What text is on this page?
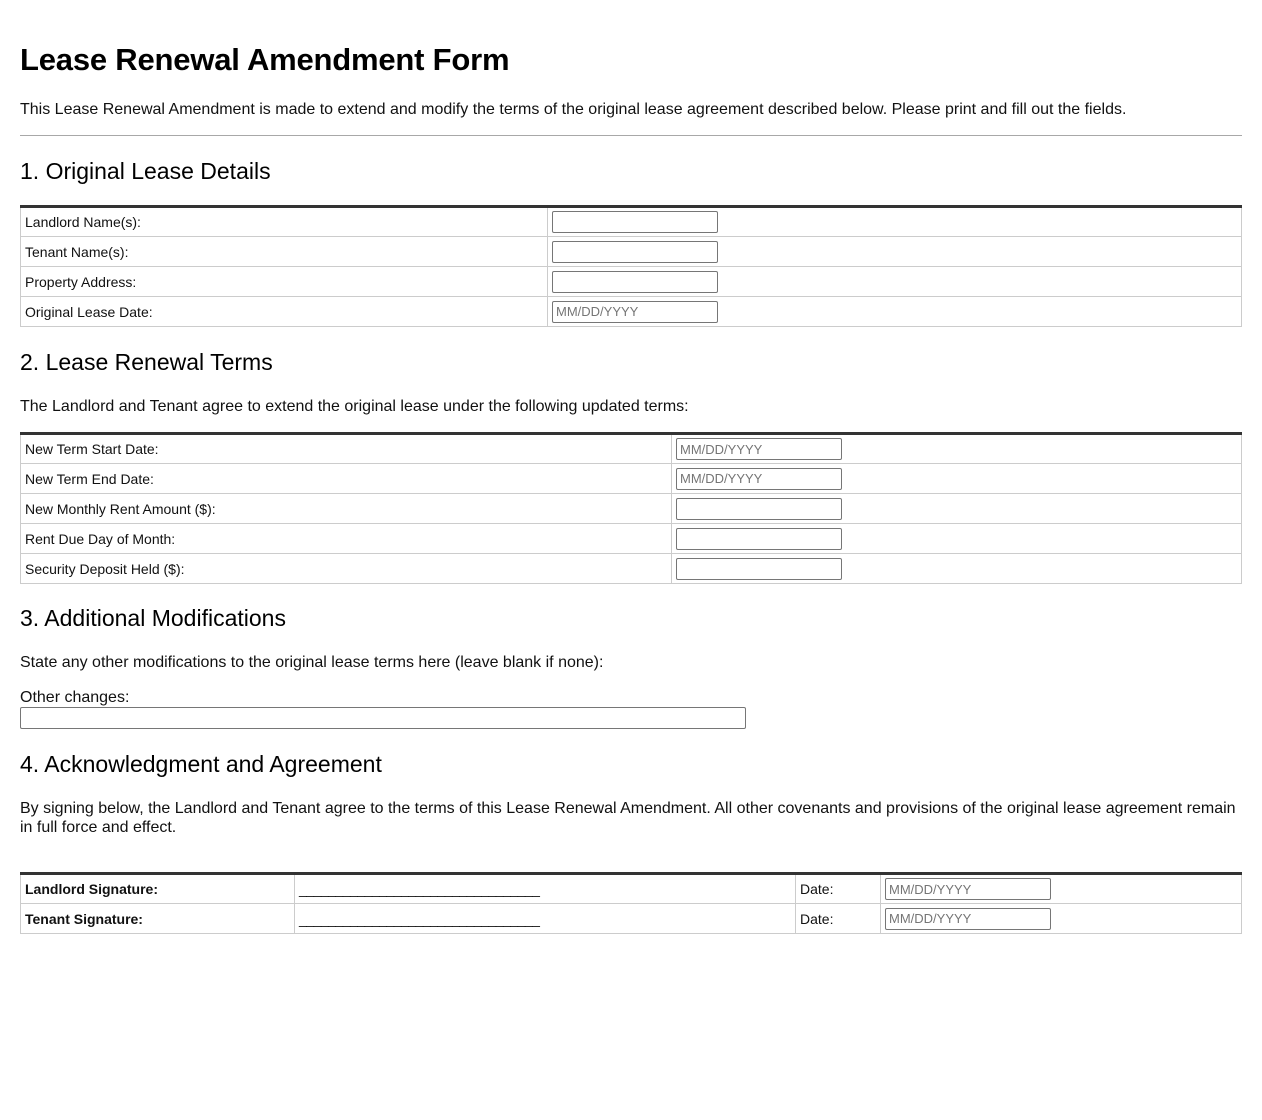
Lease Renewal Amendment Form

This Lease Renewal Amendment is made to extend and modify the terms of the original lease agreement described below. Please print and fill out the fields.

1. Original Lease Details
Landlord Name(s):	

Tenant Name(s):	

Property Address:	

Original Lease Date:	
MM/DD/YYYY
2. Lease Renewal Terms

The Landlord and Tenant agree to extend the original lease under the following updated terms:

New Term Start Date:	
MM/DD/YYYY
New Term End Date:	
MM/DD/YYYY
New Monthly Rent Amount ($):	

Rent Due Day of Month:	

Security Deposit Held ($):	
3. Additional Modifications

State any other modifications to the original lease terms here (leave blank if none):

Other changes:
4. Acknowledgment and Agreement

By signing below, the Landlord and Tenant agree to the terms of this Lease Renewal Amendment. All other covenants and provisions of the original lease agreement remain in full force and effect.

Landlord Signature:	_________________________________	Date:	
MM/DD/YYYY
Tenant Signature:	_________________________________	Date:	
MM/DD/YYYY
